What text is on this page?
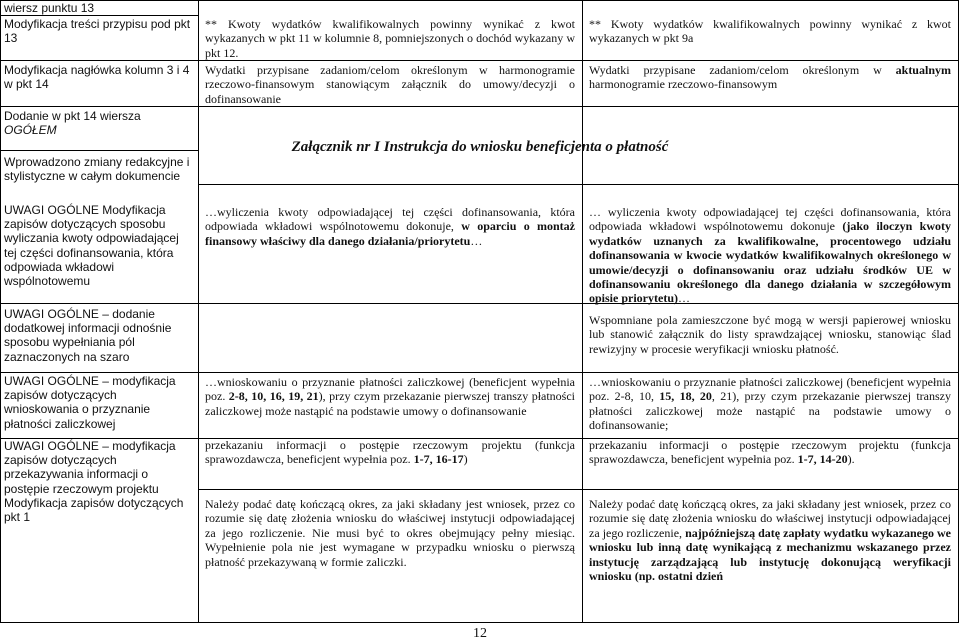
wiersz punktu 13
Modyfikacja treści przypisu pod pkt 13
Modyfikacja nagłówka kolumn 3 i 4 w pkt 14

Dodanie w pkt 14 wiersza

OGÓŁEM

Wprowadzono zmiany redakcyjne i stylistyczne w całym dokumencie
UWAGI OGÓLNE Modyfikacja zapisów dotyczących sposobu wyliczania kwoty odpowiadającej tej części dofinansowania, która odpowiada wkładowi wspólnotowemu
UWAGI OGÓLNE – dodanie dodatkowej informacji odnośnie sposobu wypełniania pól zaznaczonych na szaro
UWAGI OGÓLNE – modyfikacja zapisów dotyczących wnioskowania o przyznanie płatności zaliczkowej
UWAGI OGÓLNE – modyfikacja zapisów dotyczących przekazywania informacji o postępie rzeczowym projektu
Modyfikacja zapisów dotyczących pkt 1
Załącznik nr I Instrukcja do wniosku beneficjenta o płatność
** Kwoty wydatków kwalifikowalnych powinny wynikać z kwot wykazanych w pkt 11 w kolumnie 8, pomniejszonych o dochód wykazany w pkt 12.
Wydatki przypisane zadaniom/celom określonym w harmonogramie rzeczowo-finansowym stanowiącym załącznik do umowy/decyzji o dofinansowanie
…wyliczenia kwoty odpowiadającej tej części dofinansowania, która odpowiada wkładowi wspólnotowemu dokonuje, w oparciu o montaż finansowy właściwy dla danego działania/priorytetu…
…wnioskowaniu o przyznanie płatności zaliczkowej (beneficjent wypełnia poz. 2-8, 10, 16, 19, 21), przy czym przekazanie pierwszej transzy płatności zaliczkowej może nastąpić na podstawie umowy o dofinansowanie
przekazaniu informacji o postępie rzeczowym projektu (funkcja sprawozdawcza, beneficjent wypełnia poz. 1-7, 16-17)
Należy podać datę kończącą okres, za jaki składany jest wniosek, przez co rozumie się datę złożenia wniosku do właściwej instytucji odpowiadającej za jego rozliczenie. Nie musi być to okres obejmujący pełny miesiąc. Wypełnienie pola nie jest wymagane w przypadku wniosku o pierwszą płatność przekazywaną w formie zaliczki.
** Kwoty wydatków kwalifikowalnych powinny wynikać z kwot wykazanych w pkt 9a
Wydatki przypisane zadaniom/celom określonym w aktualnym harmonogramie rzeczowo-finansowym
… wyliczenia kwoty odpowiadającej tej części dofinansowania, która odpowiada wkładowi wspólnotowemu dokonuje (jako iloczyn kwoty wydatków uznanych za kwalifikowalne, procentowego udziału dofinansowania w kwocie wydatków kwalifikowalnych określonego w umowie/decyzji o dofinansowaniu oraz udziału środków UE w dofinansowaniu określonego dla danego działania w szczegółowym opisie priorytetu)…
Wspomniane pola zamieszczone być mogą w wersji papierowej wniosku lub stanowić załącznik do listy sprawdzającej wniosku, stanowiąc ślad rewizyjny w procesie weryfikacji wniosku płatność.
…wnioskowaniu o przyznanie płatności zaliczkowej (beneficjent wypełnia poz. 2-8, 10, 15, 18, 20, 21), przy czym przekazanie pierwszej transzy płatności zaliczkowej może nastąpić na podstawie umowy o dofinansowanie;
przekazaniu informacji o postępie rzeczowym projektu (funkcja sprawozdawcza, beneficjent wypełnia poz. 1-7, 14-20).
Należy podać datę kończącą okres, za jaki składany jest wniosek, przez co rozumie się datę złożenia wniosku do właściwej instytucji odpowiadającej za jego rozliczenie, najpóźniejszą datę zapłaty wydatku wykazanego we wniosku lub inną datę wynikającą z mechanizmu wskazanego przez instytucję zarządzającą lub instytucję dokonującą weryfikacji wniosku (np. ostatni dzień
12
